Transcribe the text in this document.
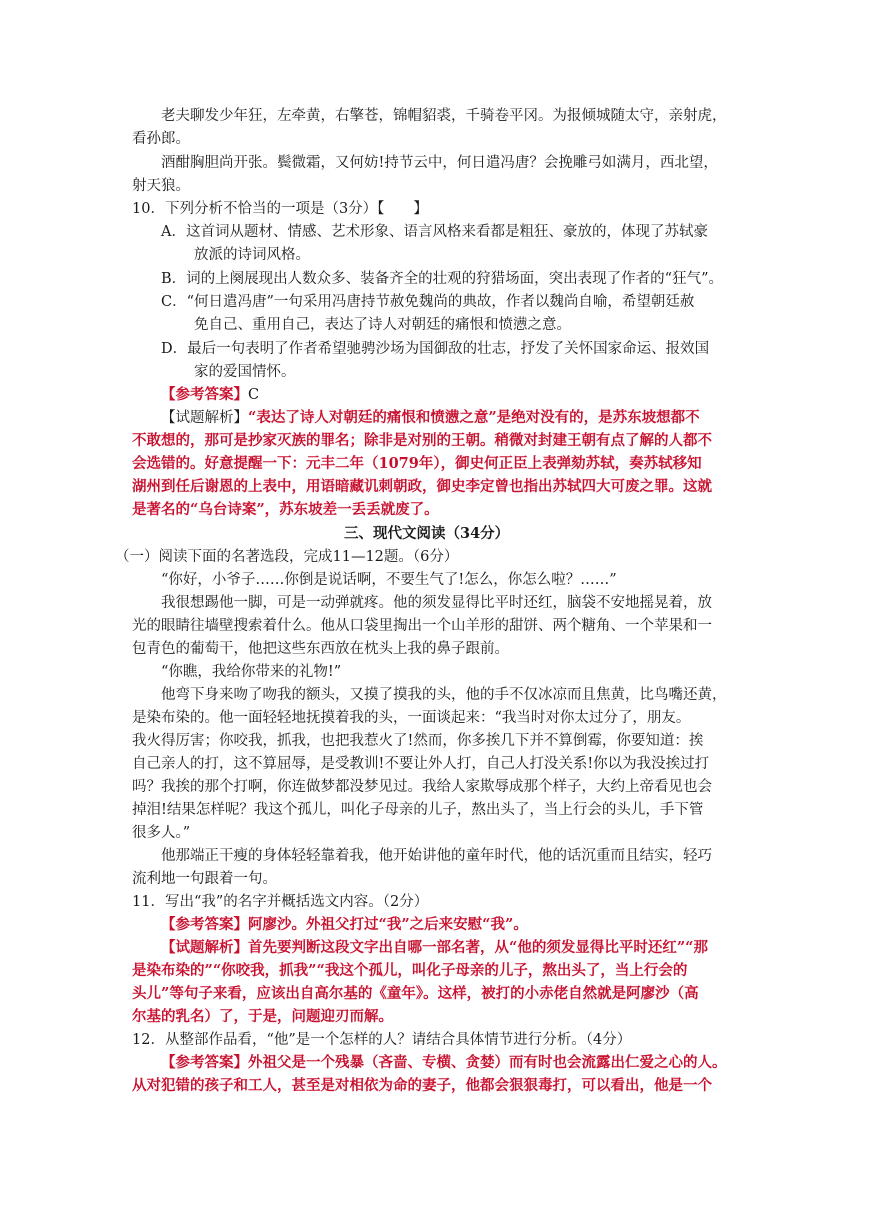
老夫聊发少年狂，左牵黄，右擎苍，锦帽貂裘，千骑卷平冈。为报倾城随太守，亲射虎，

看孙郎。

酒酣胸胆尚开张。鬓微霜，又何妨!持节云中，何日遣冯唐？会挽雕弓如满月，西北望，

射天狼。

10．下列分析不恰当的一项是（3分）【　　】

A．这首词从题材、情感、艺术形象、语言风格来看都是粗狂、豪放的，体现了苏轼豪

放派的诗词风格。

B．词的上阕展现出人数众多、装备齐全的壮观的狩猎场面，突出表现了作者的“狂气”。

C．“何日遣冯唐”一句采用冯唐持节赦免魏尚的典故，作者以魏尚自喻，希望朝廷赦

免自己、重用自己，表达了诗人对朝廷的痛恨和愤懑之意。

D．最后一句表明了作者希望驰骋沙场为国御敌的壮志，抒发了关怀国家命运、报效国

家的爱国情怀。

【参考答案】C

【试题解析】“表达了诗人对朝廷的痛恨和愤懑之意”是绝对没有的，是苏东坡想都不

不敢想的，那可是抄家灭族的罪名；除非是对别的王朝。稍微对封建王朝有点了解的人都不

会选错的。好意提醒一下：元丰二年（1079年），御史何正臣上表弹劾苏轼，奏苏轼移知

湖州到任后谢恩的上表中，用语暗藏讥刺朝政，御史李定曾也指出苏轼四大可废之罪。这就

是著名的“乌台诗案”，苏东坡差一丢丢就废了。

三、现代文阅读（34分）

（一）阅读下面的名著选段，完成11—12题。（6分）

“你好，小爷子……你倒是说话啊，不要生气了!怎么，你怎么啦？……”

我很想踢他一脚，可是一动弹就疼。他的须发显得比平时还红，脑袋不安地摇晃着，放

光的眼睛往墙壁搜索着什么。他从口袋里掏出一个山羊形的甜饼、两个糖角、一个苹果和一

包青色的葡萄干，他把这些东西放在枕头上我的鼻子跟前。

“你瞧，我给你带来的礼物!”

他弯下身来吻了吻我的额头，又摸了摸我的头，他的手不仅冰凉而且焦黄，比鸟嘴还黄，

是染布染的。他一面轻轻地抚摸着我的头，一面谈起来：“我当时对你太过分了，朋友。

我火得厉害；你咬我，抓我，也把我惹火了!然而，你多挨几下并不算倒霉，你要知道：挨

自己亲人的打，这不算屈辱，是受教训!不要让外人打，自己人打没关系!你以为我没挨过打

吗？我挨的那个打啊，你连做梦都没梦见过。我给人家欺辱成那个样子，大约上帝看见也会

掉泪!结果怎样呢？我这个孤儿，叫化子母亲的儿子，熬出头了，当上行会的头儿，手下管

很多人。”

他那端正干瘦的身体轻轻靠着我，他开始讲他的童年时代，他的话沉重而且结实，轻巧

流利地一句跟着一句。

11．写出“我”的名字并概括选文内容。（2分）

【参考答案】阿廖沙。外祖父打过“我”之后来安慰“我”。

【试题解析】首先要判断这段文字出自哪一部名著，从“他的须发显得比平时还红”“那

是染布染的”“你咬我，抓我”“我这个孤儿，叫化子母亲的儿子，熬出头了，当上行会的

头儿”等句子来看，应该出自高尔基的《童年》。这样，被打的小赤佬自然就是阿廖沙（高

尔基的乳名）了，于是，问题迎刃而解。

12．从整部作品看，“他”是一个怎样的人？请结合具体情节进行分析。（4分）

【参考答案】外祖父是一个残暴（吝啬、专横、贪婪）而有时也会流露出仁爱之心的人。

从对犯错的孩子和工人，甚至是对相依为命的妻子，他都会狠狠毒打，可以看出，他是一个
